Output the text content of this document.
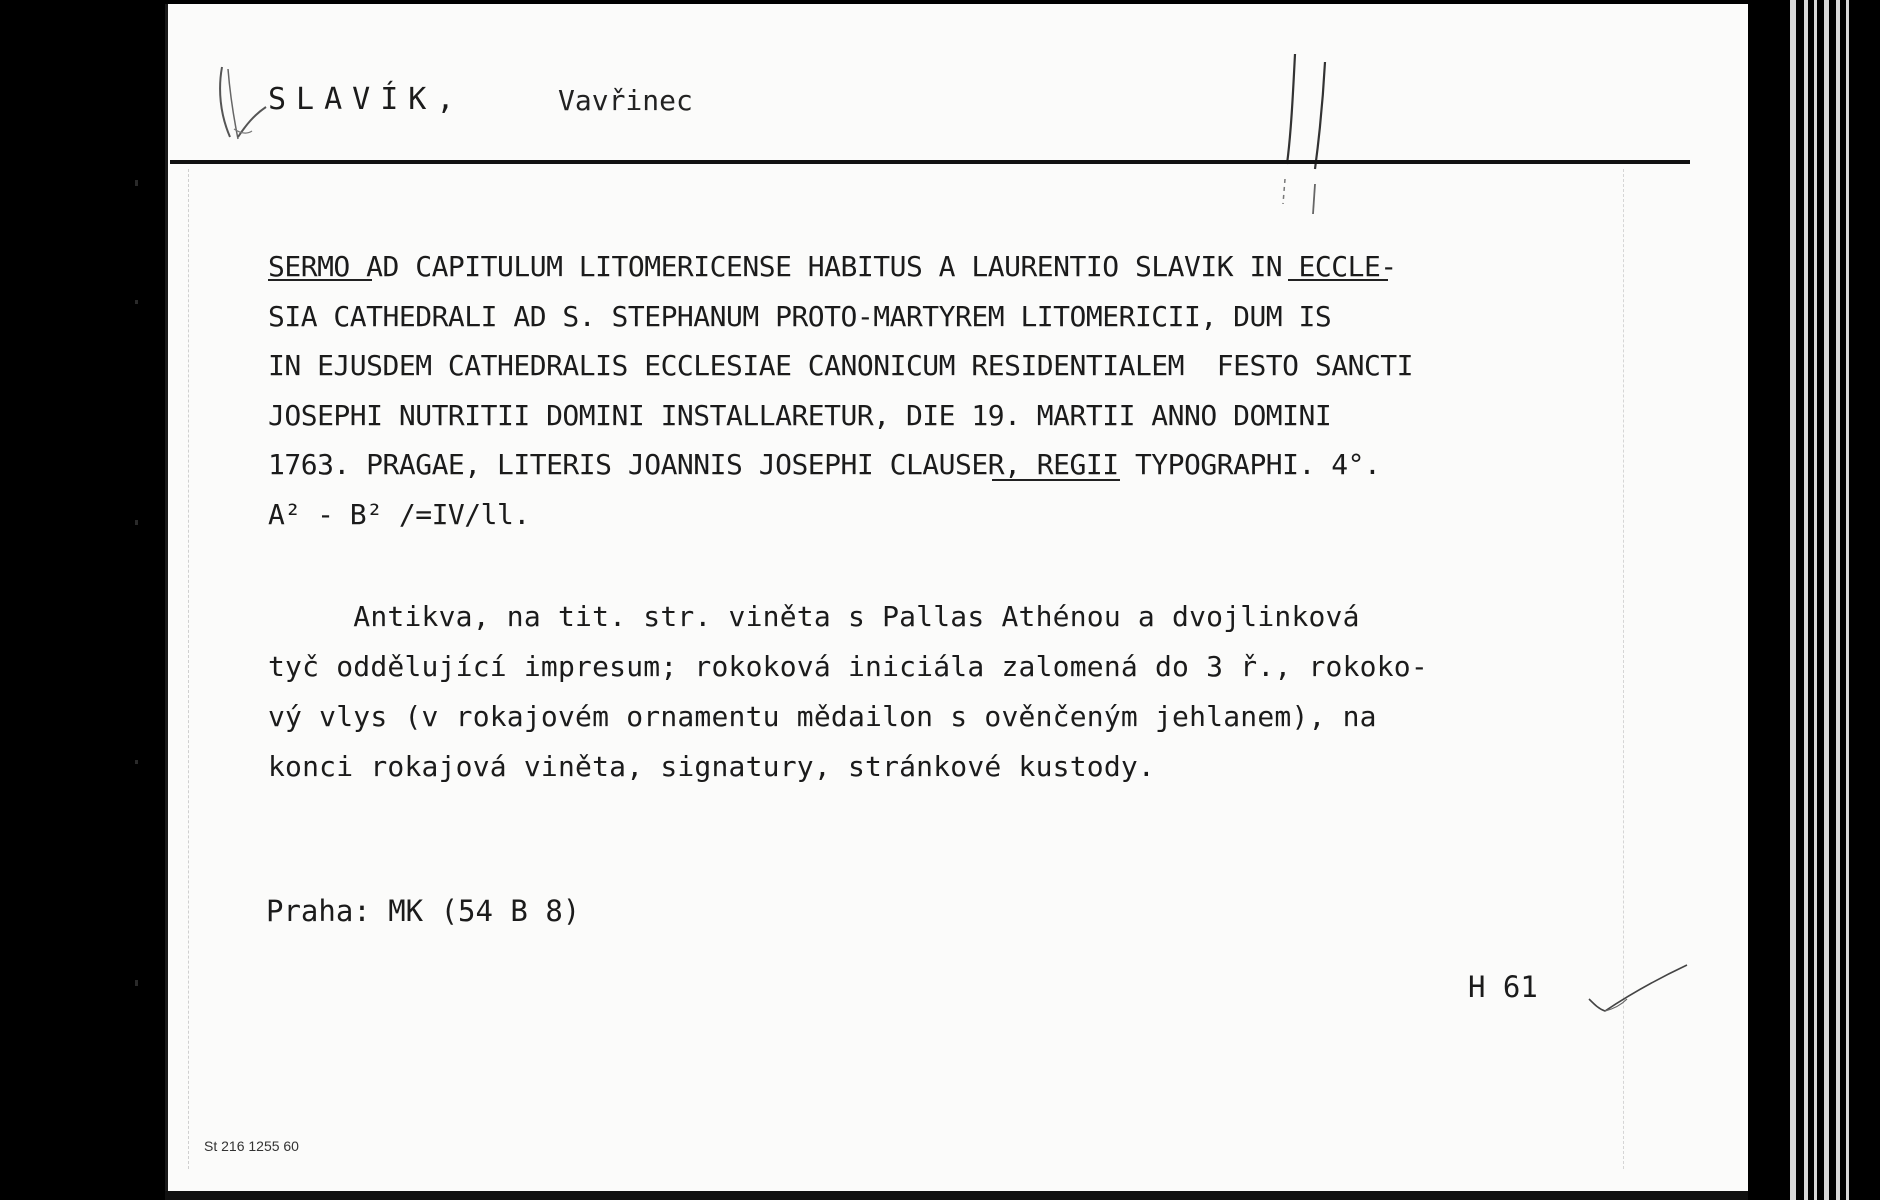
SLAVÍK,	Vavřinec
SERMO AD CAPITULUM LITOMERICENSE HABITUS A LAURENTIO SLAVIK IN ECCLE-
SIA CATHEDRALI AD S. STEPHANUM PROTO-MARTYREM LITOMERICII, DUM IS
IN EJUSDEM CATHEDRALIS ECCLESIAE CANONICUM RESIDENTIALEM  FESTO SANCTI
JOSEPHI NUTRITII DOMINI INSTALLARETUR, DIE 19. MARTII ANNO DOMINI
1763. PRAGAE, LITERIS JOANNIS JOSEPHI CLAUSER, REGII TYPOGRAPHI. 4°.
A² - B² /=IV/ll.
Antikva, na tit. str. viněta s Pallas Athénou a dvojlinková
tyč oddělující impresum; rokoková iniciála zalomená do 3 ř., rokoko-
vý vlys (v rokajovém ornamentu mědailon s ověnčeným jehlanem), na
konci rokajová viněta, signatury, stránkové kustody.
Praha: MK (54 B 8)
H 61
St 216 1255 60
